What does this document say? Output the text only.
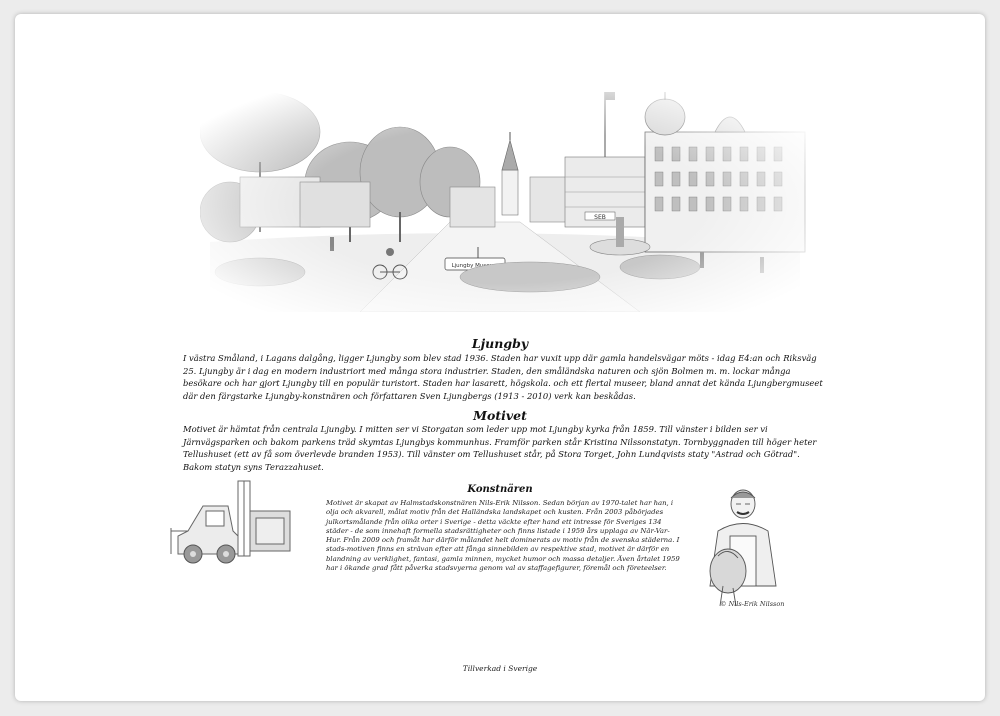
Ljungby

I västra Småland, i Lagans dalgång, ligger Ljungby som blev stad 1936. Staden har vuxit upp där gamla handelsvägar möts - idag E4:an och Riksväg 25. Ljungby är i dag en modern industriort med många stora industrier. Staden, den småländska naturen och sjön Bolmen m. m. lockar många besökare och har gjort Ljungby till en populär turistort. Staden har lasarett, högskola. och ett flertal museer, bland annat det kända Ljungbergmuseet där den färgstarke Ljungby-konstnären och författaren Sven Ljungbergs (1913 - 2010) verk kan beskådas.

Motivet

Motivet är hämtat från centrala Ljungby. I mitten ser vi Storgatan som leder upp mot Ljungby kyrka från 1859. Till vänster i bilden ser vi Järnvägsparken och bakom parkens träd skymtas Ljungbys kommunhus. Framför parken står Kristina Nilssonstatyn. Tornbyggnaden till höger heter Tellushuset (ett av få som överlevde branden 1953). Till vänster om Tellushuset står, på Stora Torget, John Lundqvists staty "Astrad och Götrad". Bakom statyn syns Terazzahuset.

Konstnären

Motivet är skapat av Halmstadskonstnären Nils-Erik Nilsson. Sedan början av 1970-talet har han, i olja och akvarell, målat motiv från det Halländska landskapet och kusten. Från 2003 påbörjades julkortsmålande från olika orter i Sverige - detta väckte efter hand ett intresse för Sveriges 134 städer - de som innehaft formella stadsrättigheter och finns listade i 1959 års upplaga av När-Var-Hur. Från 2009 och framåt har därför målandet helt dominerats av motiv från de svenska städerna. I stads-motiven finns en strävan efter att fånga sinnebilden av respektive stad, motivet är därför en blandning av verklighet, fantasi, gamla minnen, mycket humor och massa detaljer. Även årtalet 1959 har i ökande grad fått påverka stadsvyerna genom val av staffagefigurer, föremål och företeelser.

© Nils-Erik Nilsson
Tillverkad i Sverige
